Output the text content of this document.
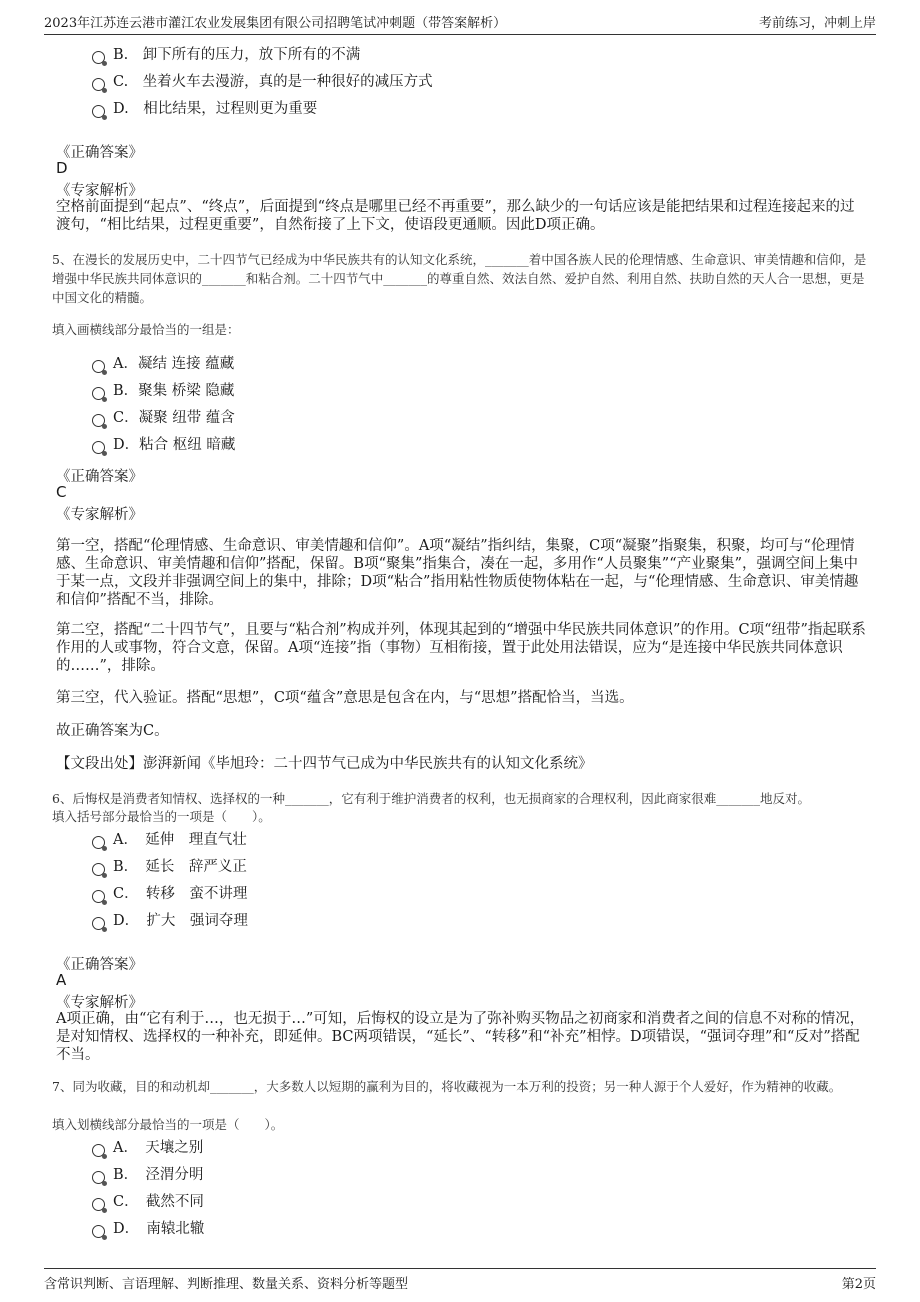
2023年江苏连云港市灌江农业发展集团有限公司招聘笔试冲刺题（带答案解析）	考前练习，冲刺上岸
B.　卸下所有的压力，放下所有的不满
C.　坐着火车去漫游，真的是一种很好的减压方式
D.　相比结果，过程则更为重要
《正确答案》
D
《专家解析》
空格前面提到“起点”、“终点”，后面提到“终点是哪里已经不再重要”，那么缺少的一句话应该是能把结果和过程连接起来的过渡句，“相比结果，过程更重要”，自然衔接了上下文，使语段更通顺。因此D项正确。
5、在漫长的发展历史中，二十四节气已经成为中华民族共有的认知文化系统，_______着中国各族人民的伦理情感、生命意识、审美情趣和信仰，是增强中华民族共同体意识的_______和粘合剂。二十四节气中_______的尊重自然、效法自然、爱护自然、利用自然、扶助自然的天人合一思想，更是中国文化的精髓。
填入画横线部分最恰当的一组是：
A．凝结 连接 蕴藏
B．聚集 桥梁 隐藏
C．凝聚 纽带 蕴含
D．粘合 枢纽 暗藏
《正确答案》
C
《专家解析》
第一空，搭配“伦理情感、生命意识、审美情趣和信仰”。A项“凝结”指纠结，集聚，C项“凝聚”指聚集，积聚，均可与“伦理情感、生命意识、审美情趣和信仰”搭配，保留。B项“聚集”指集合，凑在一起，多用作“人员聚集”“产业聚集”，强调空间上集中于某一点，文段并非强调空间上的集中，排除；D项“粘合”指用粘性物质使物体粘在一起，与“伦理情感、生命意识、审美情趣和信仰”搭配不当，排除。
第二空，搭配“二十四节气”，且要与“粘合剂”构成并列，体现其起到的“增强中华民族共同体意识”的作用。C项“纽带”指起联系作用的人或事物，符合文意，保留。A项“连接”指（事物）互相衔接，置于此处用法错误，应为“是连接中华民族共同体意识的……”，排除。
第三空，代入验证。搭配“思想”，C项“蕴含”意思是包含在内，与“思想”搭配恰当，当选。
故正确答案为C。
【文段出处】澎湃新闻《毕旭玲：二十四节气已成为中华民族共有的认知文化系统》
6、后悔权是消费者知情权、选择权的一种_______，它有利于维护消费者的权利，也无损商家的合理权利，因此商家很难_______地反对。
填入括号部分最恰当的一项是（　　）。
A．　延伸　理直气壮
B．　延长　辞严义正
C．　转移　蛮不讲理
D．　扩大　强词夺理
《正确答案》
A
《专家解析》
A项正确，由“它有利于…，也无损于…”可知，后悔权的设立是为了弥补购买物品之初商家和消费者之间的信息不对称的情况，是对知情权、选择权的一种补充，即延伸。BC两项错误，“延长”、“转移”和“补充”相悖。D项错误，“强词夺理”和“反对”搭配不当。
7、同为收藏，目的和动机却_______，大多数人以短期的赢利为目的，将收藏视为一本万利的投资；另一种人源于个人爱好，作为精神的收藏。
填入划横线部分最恰当的一项是（　　）。
A．　天壤之别
B．　泾渭分明
C．　截然不同
D．　南辕北辙
含常识判断、言语理解、判断推理、数量关系、资料分析等题型	第2页
